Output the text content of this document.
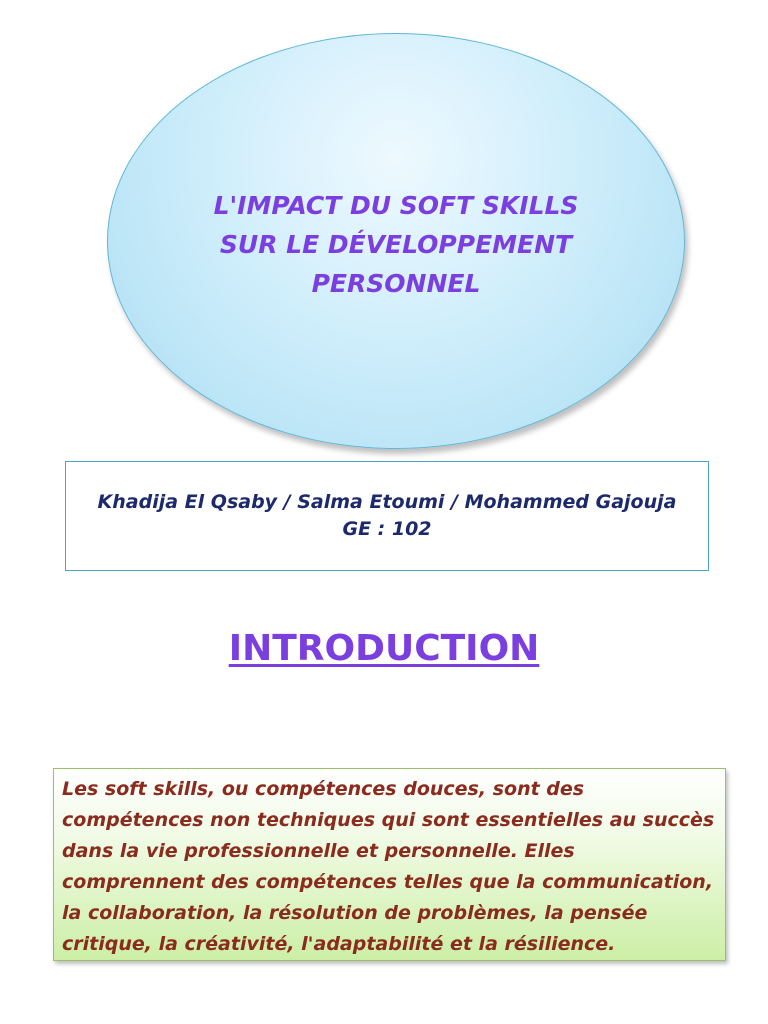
L'IMPACT DU SOFT SKILLS
SUR LE DÉVELOPPEMENT
PERSONNEL
Khadija El Qsaby / Salma Etoumi / Mohammed Gajouja
GE : 102
INTRODUCTION

Les soft skills, ou compétences douces, sont des compétences non techniques qui sont essentielles au succès dans la vie professionnelle et personnelle. Elles comprennent des compétences telles que la communication, la collaboration, la résolution de problèmes, la pensée critique, la créativité, l'adaptabilité et la résilience.
